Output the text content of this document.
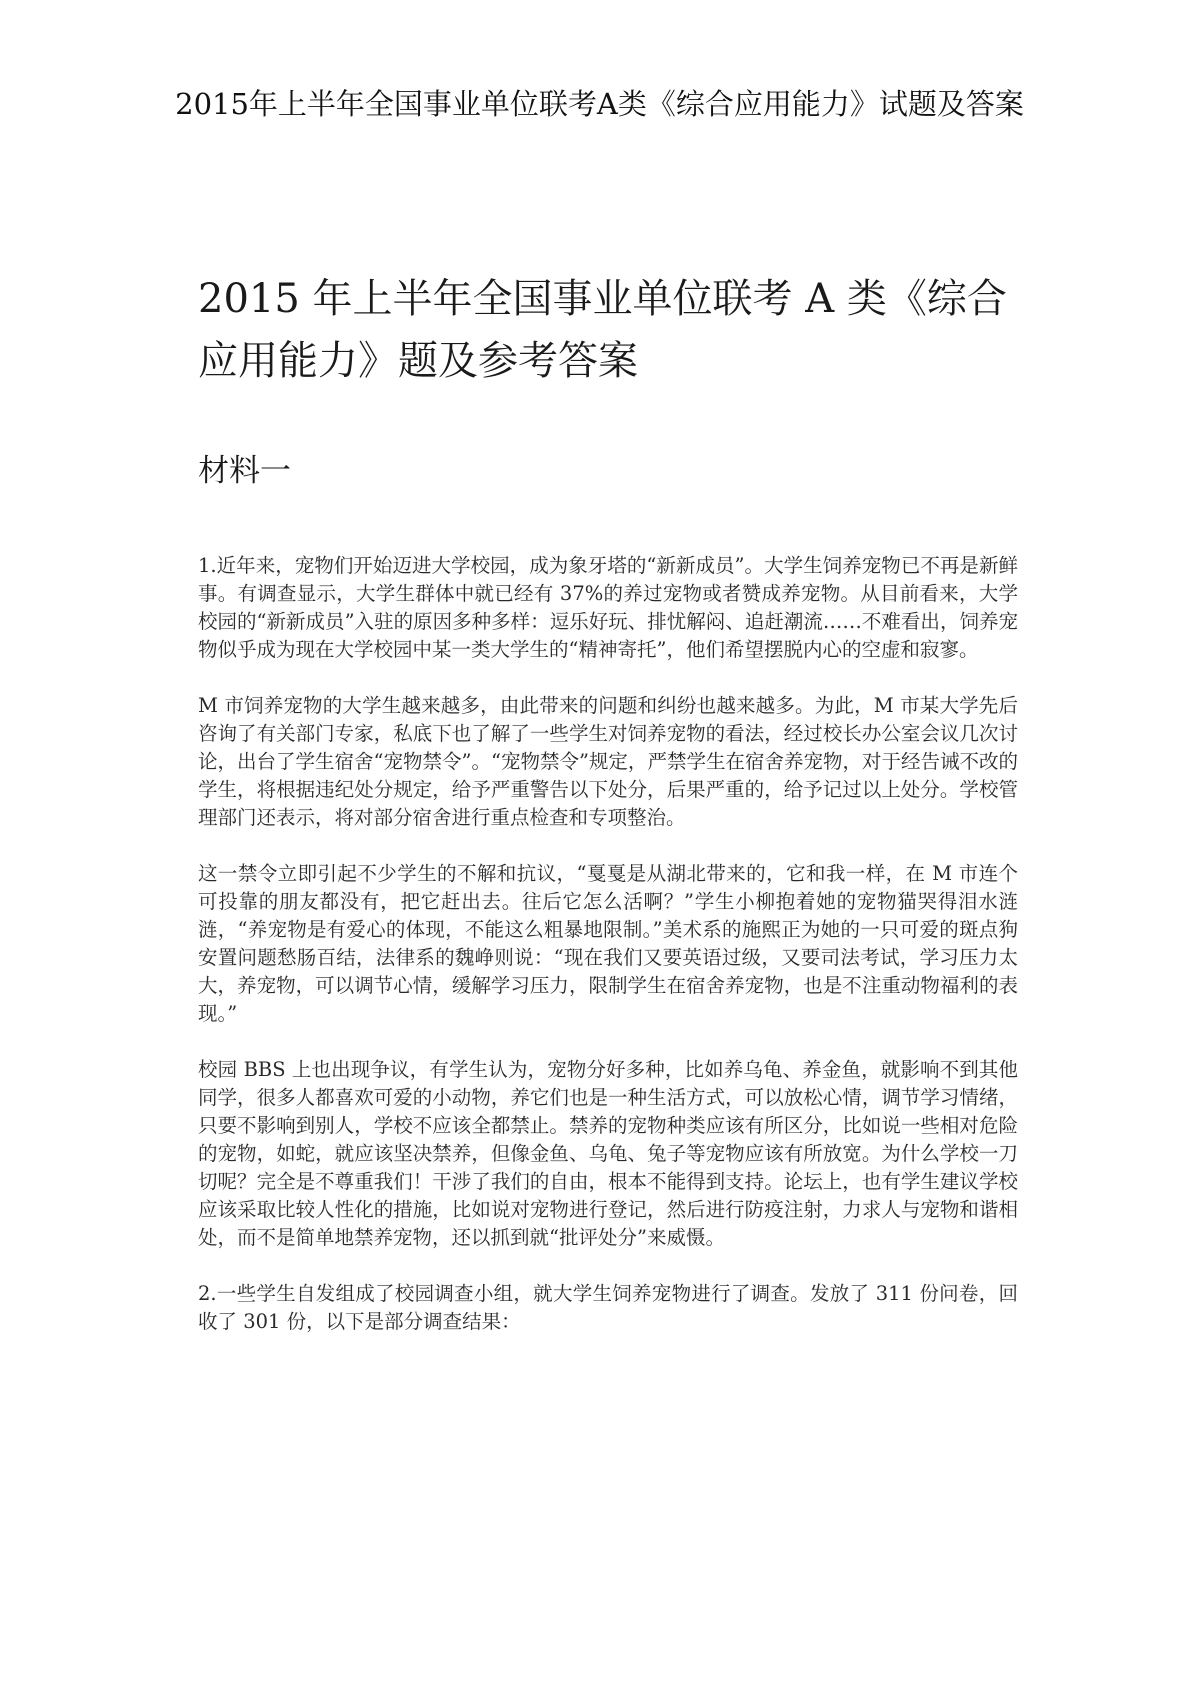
2015年上半年全国事业单位联考A类《综合应用能力》试题及答案
2015 年上半年全国事业单位联考 A 类《综合应用能力》题及参考答案
材料一

1.近年来，宠物们开始迈进大学校园，成为象牙塔的“新新成员”。大学生饲养宠物已不再是新鲜事。有调查显示，大学生群体中就已经有 37%的养过宠物或者赞成养宠物。从目前看来，大学校园的“新新成员”入驻的原因多种多样：逗乐好玩、排忧解闷、追赶潮流……不难看出，饲养宠物似乎成为现在大学校园中某一类大学生的“精神寄托”，他们希望摆脱内心的空虚和寂寥。

M 市饲养宠物的大学生越来越多，由此带来的问题和纠纷也越来越多。为此，M 市某大学先后咨询了有关部门专家，私底下也了解了一些学生对饲养宠物的看法，经过校长办公室会议几次讨论，出台了学生宿舍“宠物禁令”。“宠物禁令”规定，严禁学生在宿舍养宠物，对于经告诫不改的学生，将根据违纪处分规定，给予严重警告以下处分，后果严重的，给予记过以上处分。学校管理部门还表示，将对部分宿舍进行重点检查和专项整治。

这一禁令立即引起不少学生的不解和抗议，“戛戛是从湖北带来的，它和我一样，在 M 市连个可投靠的朋友都没有，把它赶出去。往后它怎么活啊？”学生小柳抱着她的宠物猫哭得泪水涟涟，“养宠物是有爱心的体现，不能这么粗暴地限制。”美术系的施熙正为她的一只可爱的斑点狗安置问题愁肠百结，法律系的魏峥则说：“现在我们又要英语过级，又要司法考试，学习压力太大，养宠物，可以调节心情，缓解学习压力，限制学生在宿舍养宠物，也是不注重动物福利的表现。”

校园 BBS 上也出现争议，有学生认为，宠物分好多种，比如养乌龟、养金鱼，就影响不到其他同学，很多人都喜欢可爱的小动物，养它们也是一种生活方式，可以放松心情，调节学习情绪，只要不影响到别人，学校不应该全都禁止。禁养的宠物种类应该有所区分，比如说一些相对危险的宠物，如蛇，就应该坚决禁养，但像金鱼、乌龟、兔子等宠物应该有所放宽。为什么学校一刀切呢？完全是不尊重我们！干涉了我们的自由，根本不能得到支持。论坛上，也有学生建议学校应该采取比较人性化的措施，比如说对宠物进行登记，然后进行防疫注射，力求人与宠物和谐相处，而不是简单地禁养宠物，还以抓到就“批评处分”来威慑。

2.一些学生自发组成了校园调查小组，就大学生饲养宠物进行了调查。发放了 311 份问卷，回收了 301 份，以下是部分调查结果：
